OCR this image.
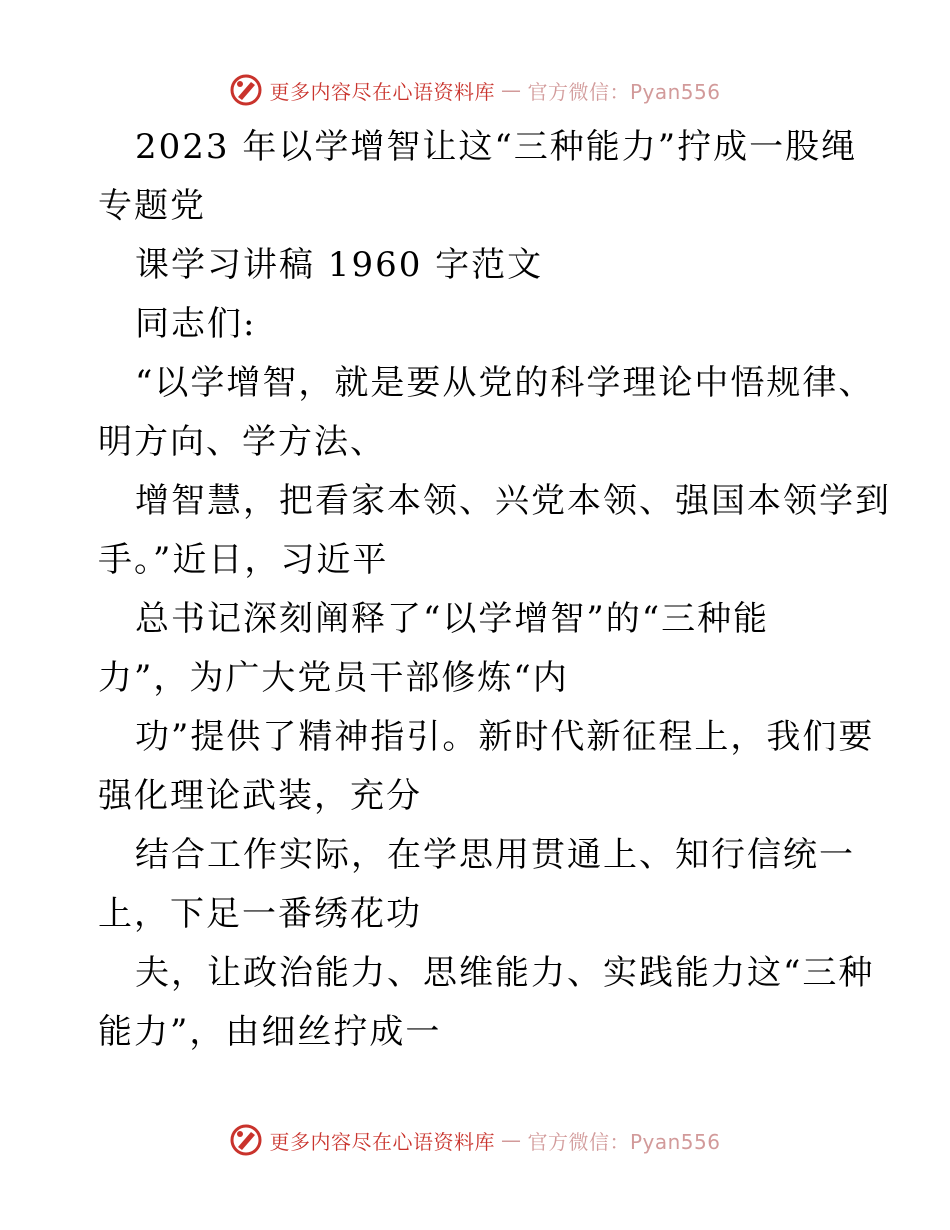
更多内容尽在心语资料库 — 官方微信：Pyan556
2023 年以学增智让这“三种能力”拧成一股绳
专题党
课学习讲稿 1960 字范文
同志们:
“以学增智，就是要从党的科学理论中悟规律、
明方向、学方法、
增智慧，把看家本领、兴党本领、强国本领学到
手。”近日，习近平
总书记深刻阐释了“以学增智”的“三种能
力”，为广大党员干部修炼“内
功”提供了精神指引。新时代新征程上，我们要
强化理论武装，充分
结合工作实际，在学思用贯通上、知行信统一
上，下足一番绣花功
夫，让政治能力、思维能力、实践能力这“三种
能力”，由细丝拧成一
更多内容尽在心语资料库 — 官方微信：Pyan556
